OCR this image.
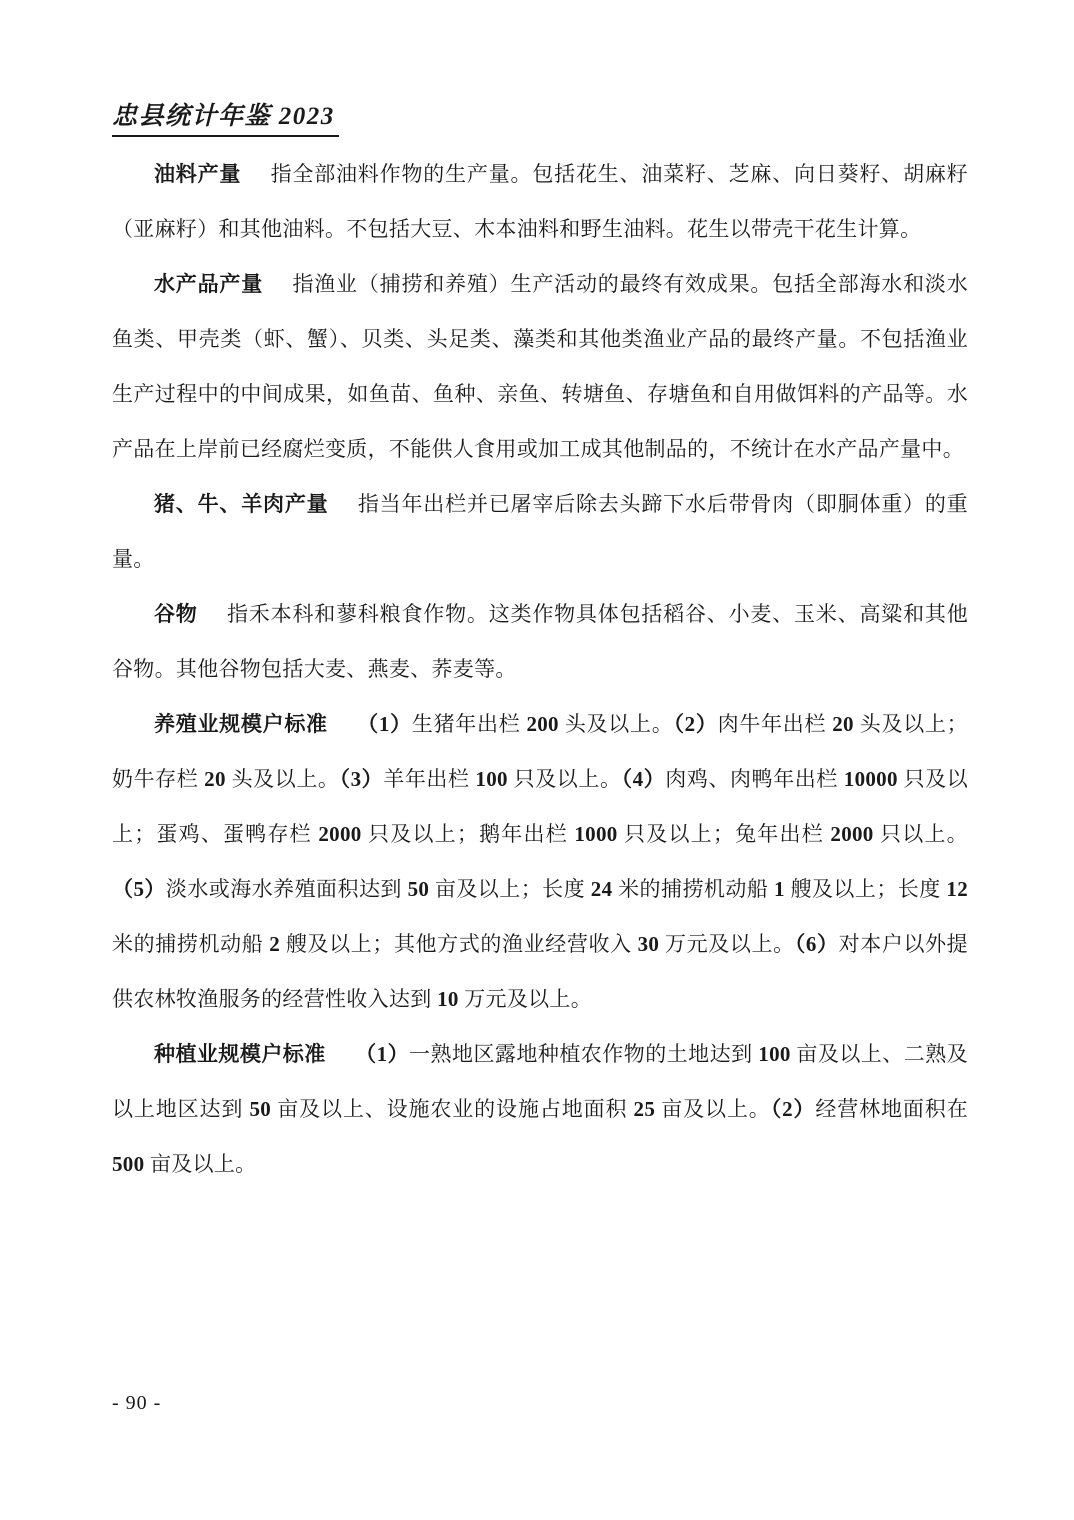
忠县统计年鉴 2023

油料产量 指全部油料作物的生产量。包括花生、油菜籽、芝麻、向日葵籽、胡麻籽（亚麻籽）和其他油料。不包括大豆、木本油料和野生油料。花生以带壳干花生计算。

水产品产量 指渔业（捕捞和养殖）生产活动的最终有效成果。包括全部海水和淡水鱼类、甲壳类（虾、蟹）、贝类、头足类、藻类和其他类渔业产品的最终产量。不包括渔业生产过程中的中间成果，如鱼苗、鱼种、亲鱼、转塘鱼、存塘鱼和自用做饵料的产品等。水产品在上岸前已经腐烂变质，不能供人食用或加工成其他制品的，不统计在水产品产量中。

猪、牛、羊肉产量 指当年出栏并已屠宰后除去头蹄下水后带骨肉（即胴体重）的重量。

谷物 指禾本科和蓼科粮食作物。这类作物具体包括稻谷、小麦、玉米、高粱和其他谷物。其他谷物包括大麦、燕麦、荞麦等。

养殖业规模户标准 （1）生猪年出栏 200 头及以上。（2）肉牛年出栏 20 头及以上；奶牛存栏 20 头及以上。（3）羊年出栏 100 只及以上。（4）肉鸡、肉鸭年出栏 10000 只及以上；蛋鸡、蛋鸭存栏 2000 只及以上；鹅年出栏 1000 只及以上；兔年出栏 2000 只以上。（5）淡水或海水养殖面积达到 50 亩及以上；长度 24 米的捕捞机动船 1 艘及以上；长度 12 米的捕捞机动船 2 艘及以上；其他方式的渔业经营收入 30 万元及以上。（6）对本户以外提供农林牧渔服务的经营性收入达到 10 万元及以上。

种植业规模户标准 （1）一熟地区露地种植农作物的土地达到 100 亩及以上、二熟及以上地区达到 50 亩及以上、设施农业的设施占地面积 25 亩及以上。（2）经营林地面积在 500 亩及以上。

- 90 -
